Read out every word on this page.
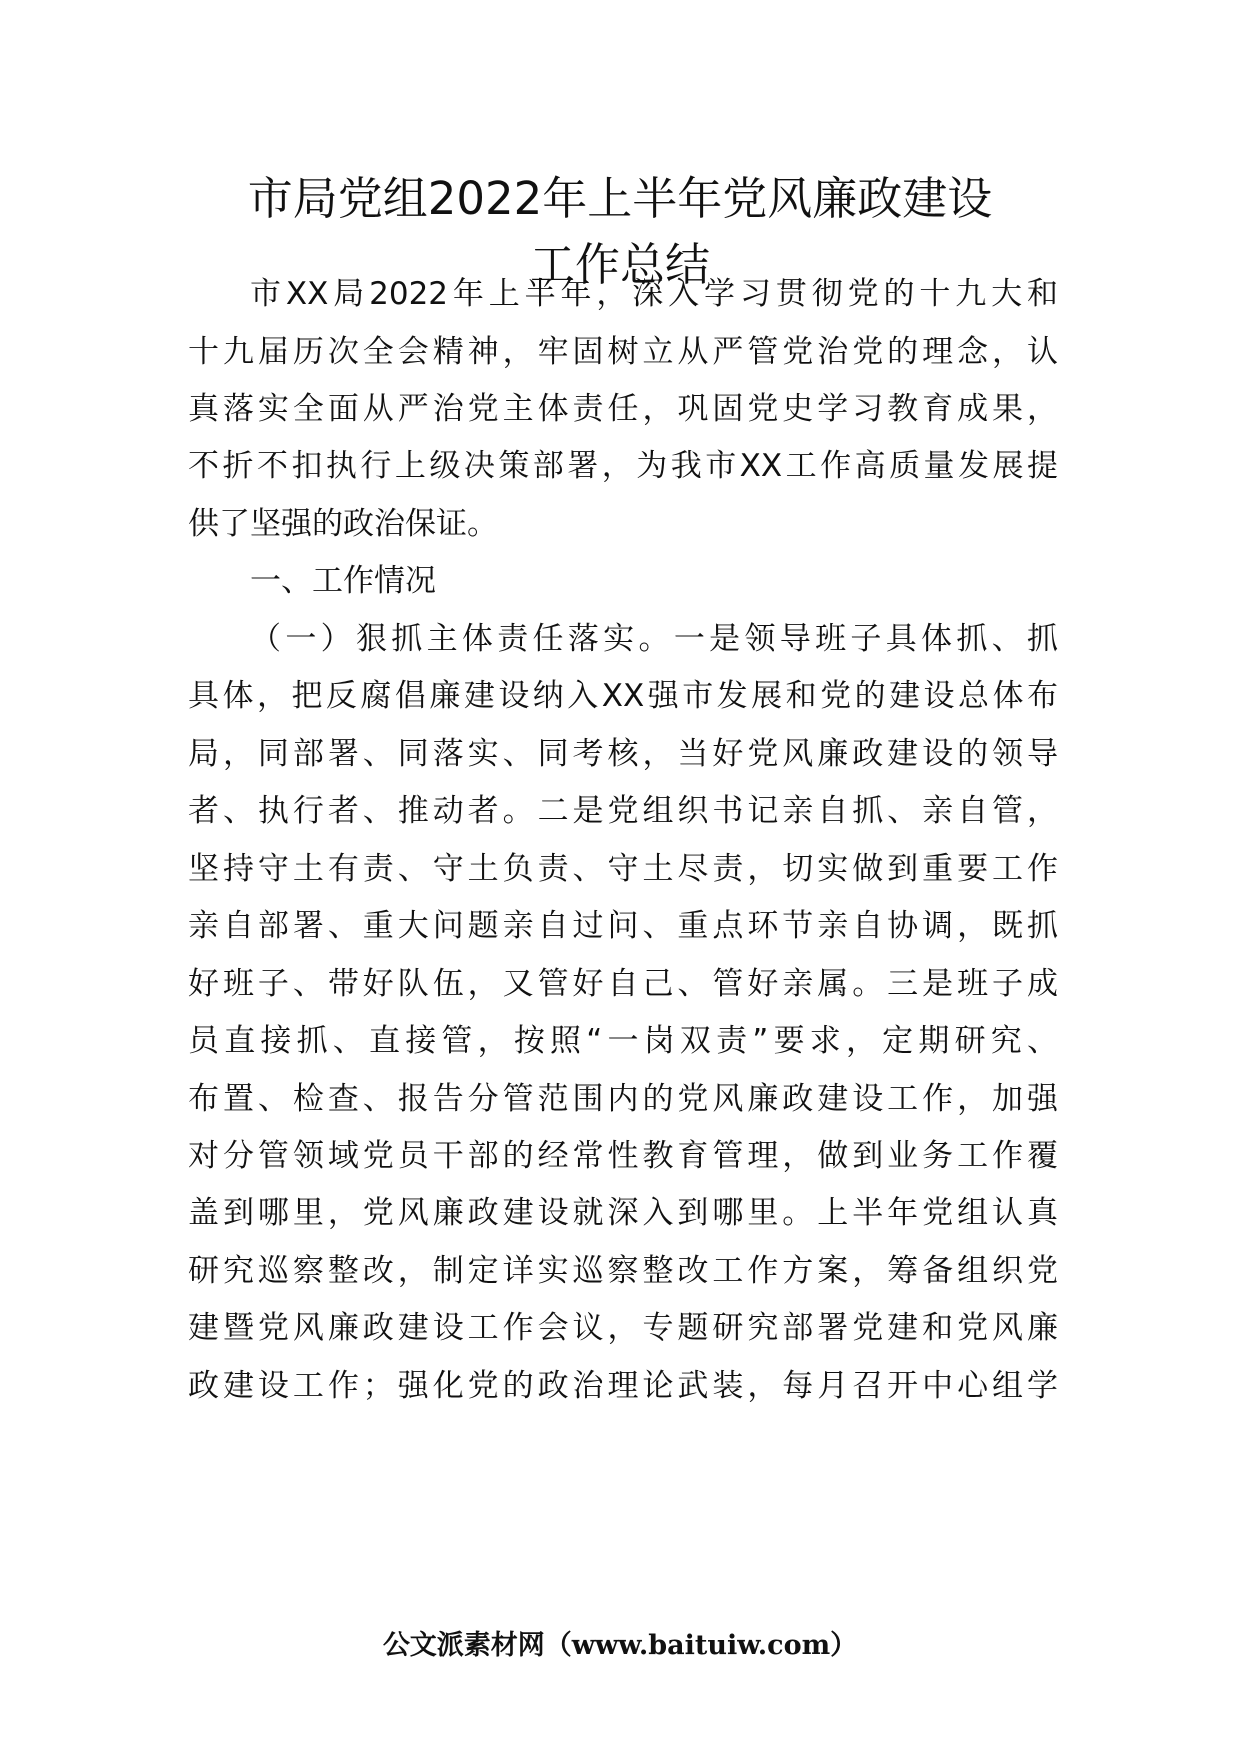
市局党组2022年上半年党风廉政建设
工作总结
市XX局2022年上半年，深入学习贯彻党的十九大和
十九届历次全会精神，牢固树立从严管党治党的理念，认
真落实全面从严治党主体责任，巩固党史学习教育成果，
不折不扣执行上级决策部署，为我市XX工作高质量发展提
供了坚强的政治保证。
一、工作情况
（一）狠抓主体责任落实。一是领导班子具体抓、抓
具体，把反腐倡廉建设纳入XX强市发展和党的建设总体布
局，同部署、同落实、同考核，当好党风廉政建设的领导
者、执行者、推动者。二是党组织书记亲自抓、亲自管，
坚持守土有责、守土负责、守土尽责，切实做到重要工作
亲自部署、重大问题亲自过问、重点环节亲自协调，既抓
好班子、带好队伍，又管好自己、管好亲属。三是班子成
员直接抓、直接管，按照“一岗双责”要求，定期研究、
布置、检查、报告分管范围内的党风廉政建设工作，加强
对分管领域党员干部的经常性教育管理，做到业务工作覆
盖到哪里，党风廉政建设就深入到哪里。上半年党组认真
研究巡察整改，制定详实巡察整改工作方案，筹备组织党
建暨党风廉政建设工作会议，专题研究部署党建和党风廉
政建设工作；强化党的政治理论武装，每月召开中心组学
公文派素材网（www.baituiw.com）
